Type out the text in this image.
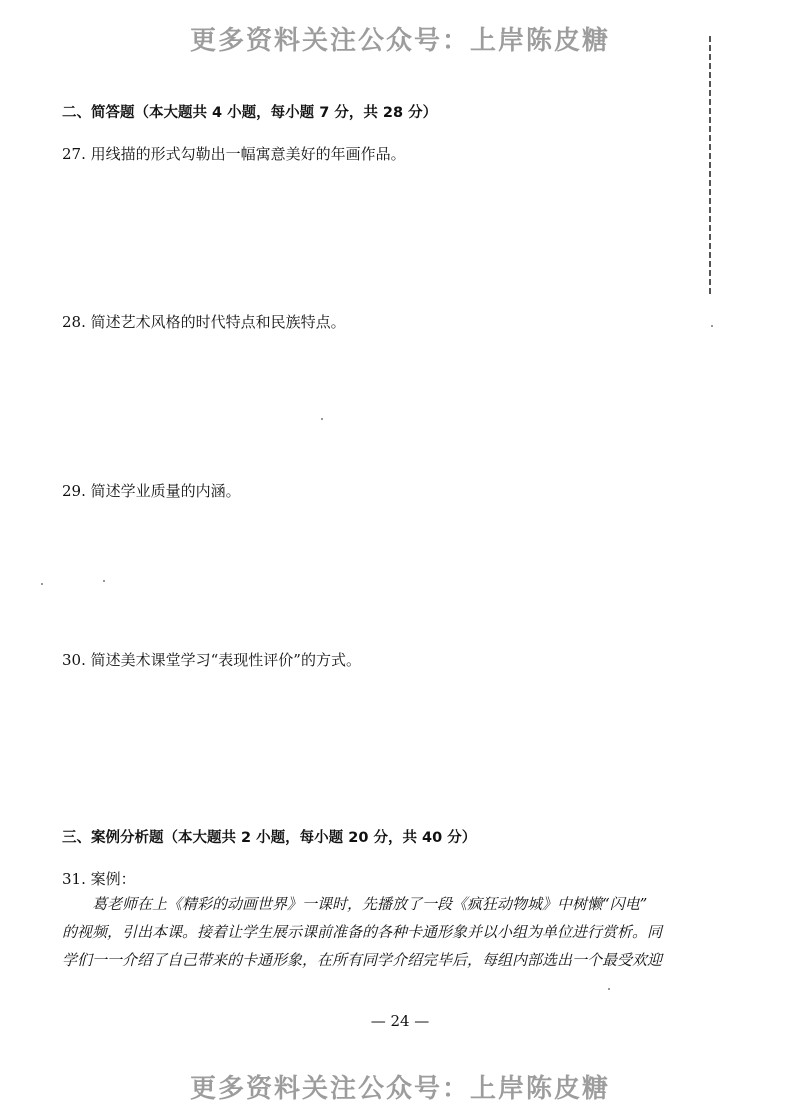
更多资料关注公众号：上岸陈皮糖
二、简答题（本大题共 4 小题，每小题 7 分，共 28 分）
27. 用线描的形式勾勒出一幅寓意美好的年画作品。
28. 简述艺术风格的时代特点和民族特点。
29. 简述学业质量的内涵。
30. 简述美术课堂学习“表现性评价”的方式。
三、案例分析题（本大题共 2 小题，每小题 20 分，共 40 分）
31. 案例：

葛老师在上《精彩的动画世界》一课时，先播放了一段《疯狂动物城》中树懒“闪电”

的视频，引出本课。接着让学生展示课前准备的各种卡通形象并以小组为单位进行赏析。同

学们一一介绍了自己带来的卡通形象，在所有同学介绍完毕后，每组内部选出一个最受欢迎

— 24 —
更多资料关注公众号：上岸陈皮糖
